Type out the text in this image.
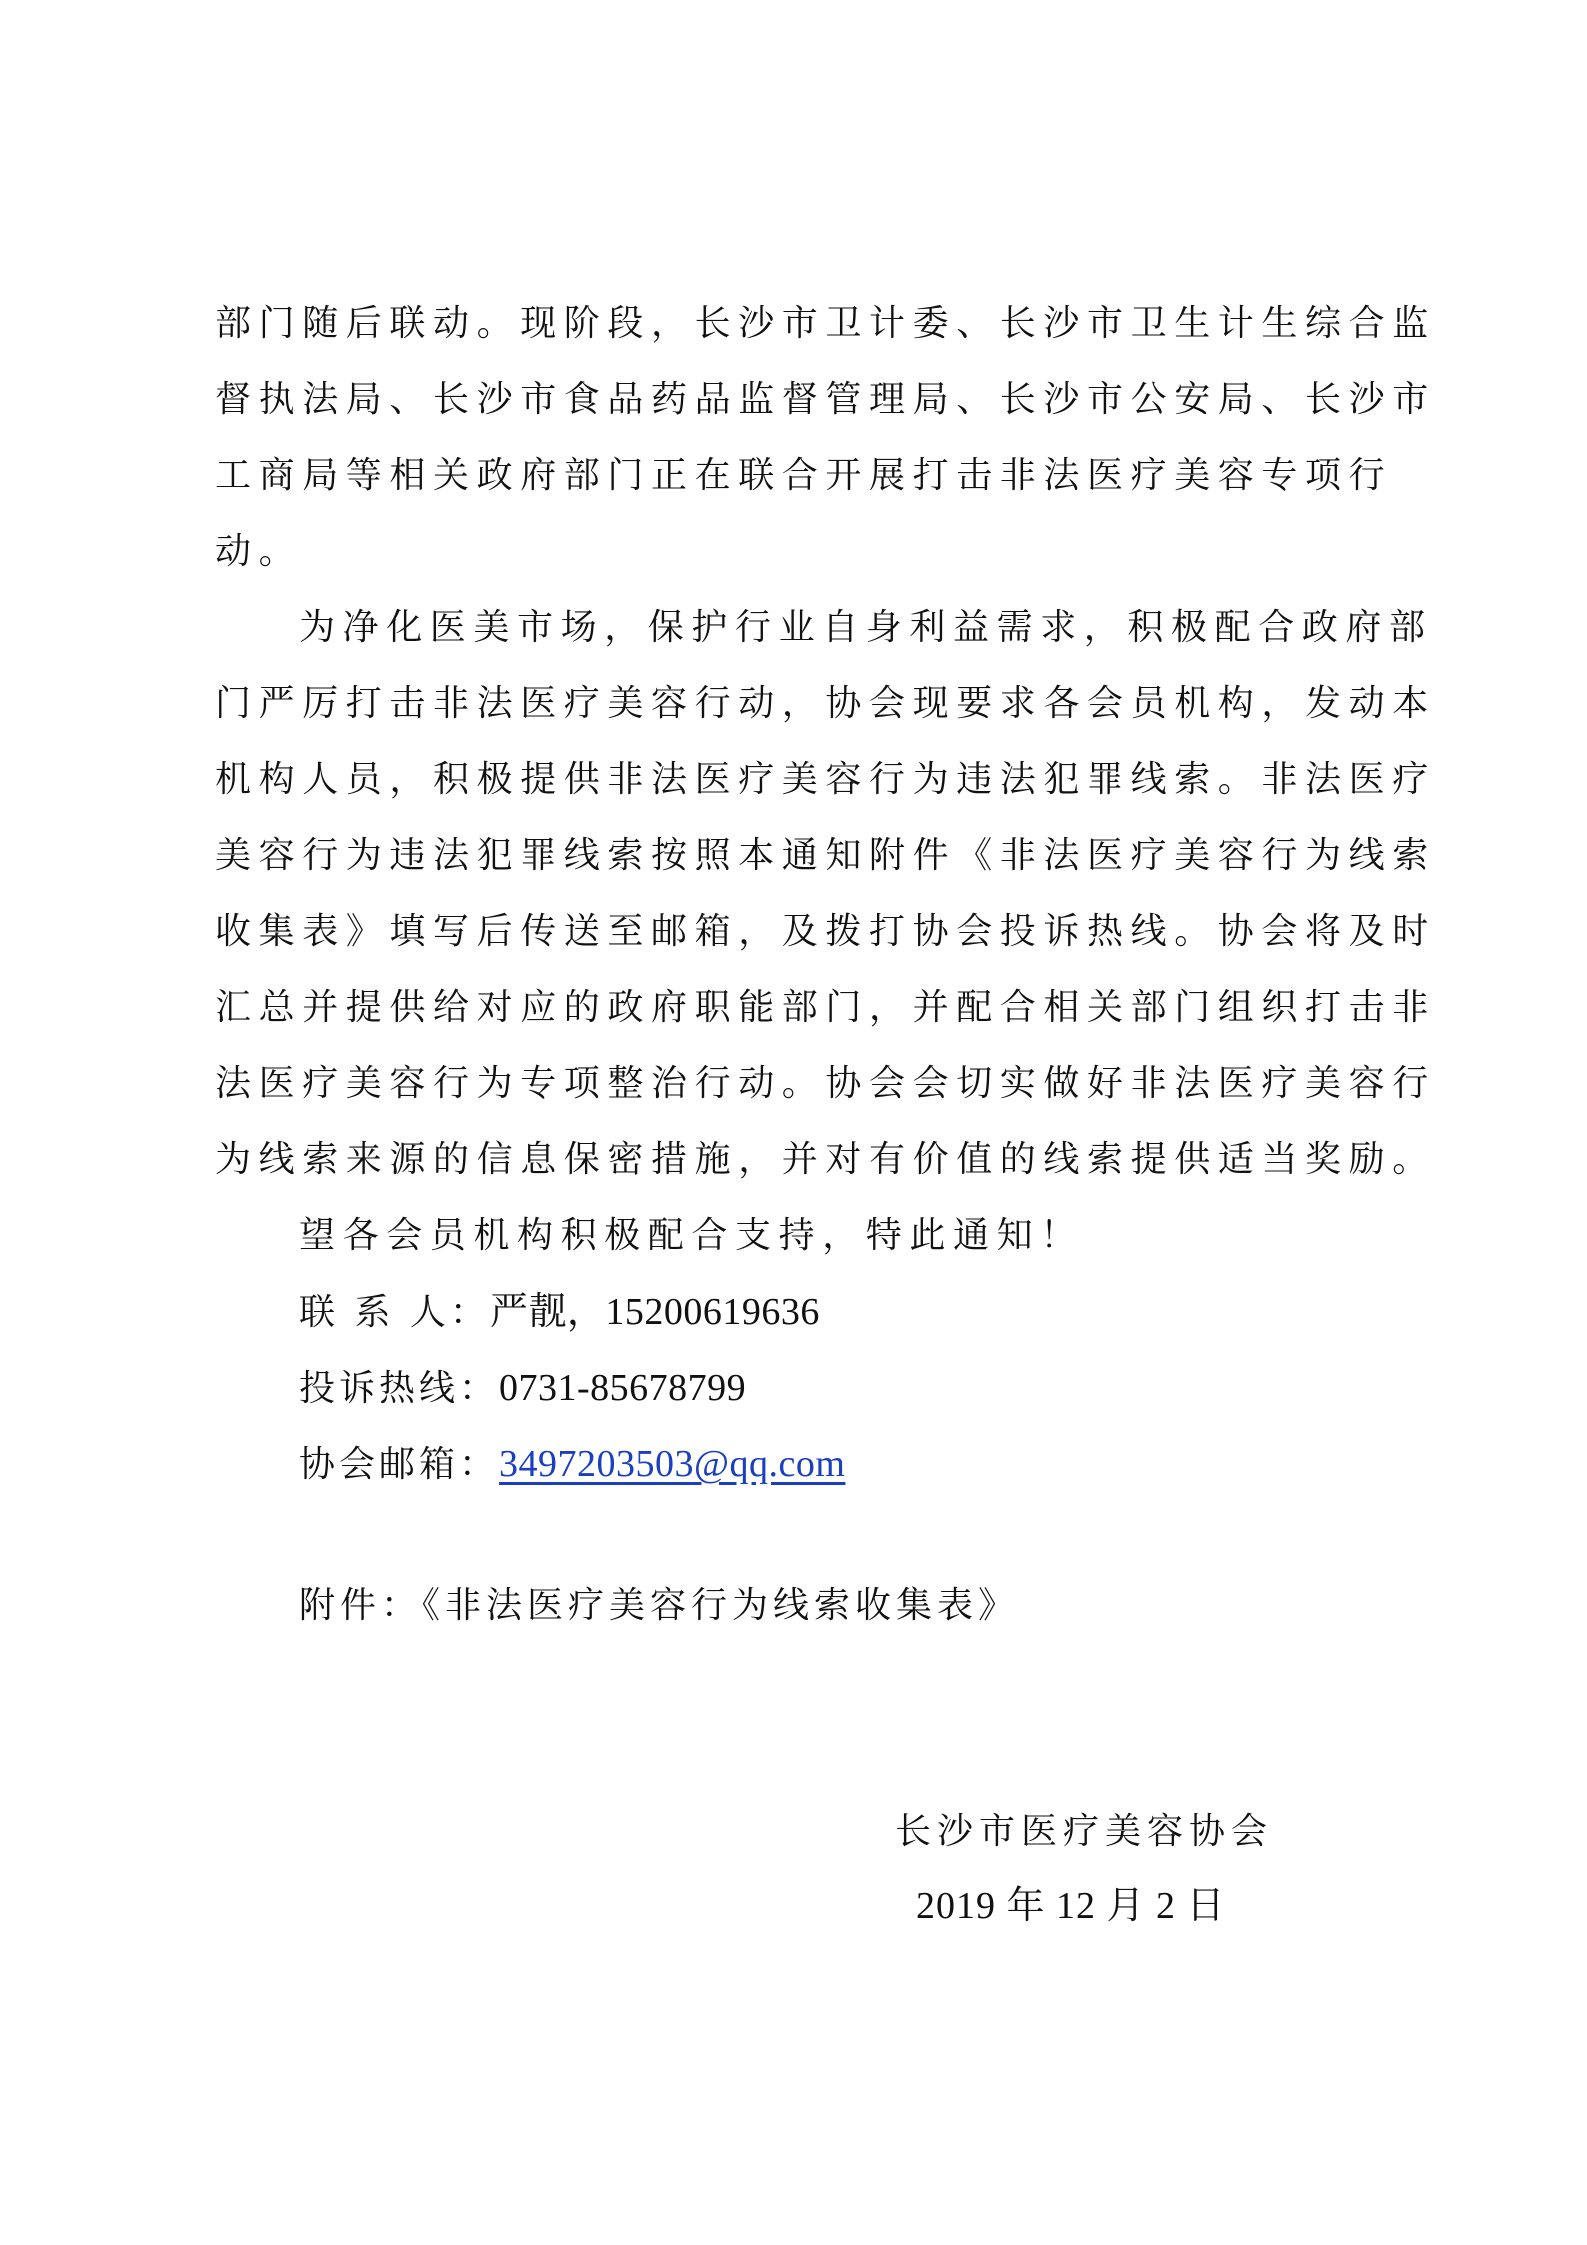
部门随后联动。现阶段，长沙市卫计委、长沙市卫生计生综合监

督执法局、长沙市食品药品监督管理局、长沙市公安局、长沙市

工商局等相关政府部门正在联合开展打击非法医疗美容专项行

动。

为净化医美市场，保护行业自身利益需求，积极配合政府部

门严厉打击非法医疗美容行动，协会现要求各会员机构，发动本

机构人员，积极提供非法医疗美容行为违法犯罪线索。非法医疗

美容行为违法犯罪线索按照本通知附件《非法医疗美容行为线索

收集表》填写后传送至邮箱，及拨打协会投诉热线。协会将及时

汇总并提供给对应的政府职能部门，并配合相关部门组织打击非

法医疗美容行为专项整治行动。协会会切实做好非法医疗美容行

为线索来源的信息保密措施，并对有价值的线索提供适当奖励。

望各会员机构积极配合支持，特此通知！

联 系 人：严靓，15200619636

投诉热线：0731-85678799

协会邮箱：3497203503@qq.com

附件：《非法医疗美容行为线索收集表》

长沙市医疗美容协会

2019 年 12 月 2 日
